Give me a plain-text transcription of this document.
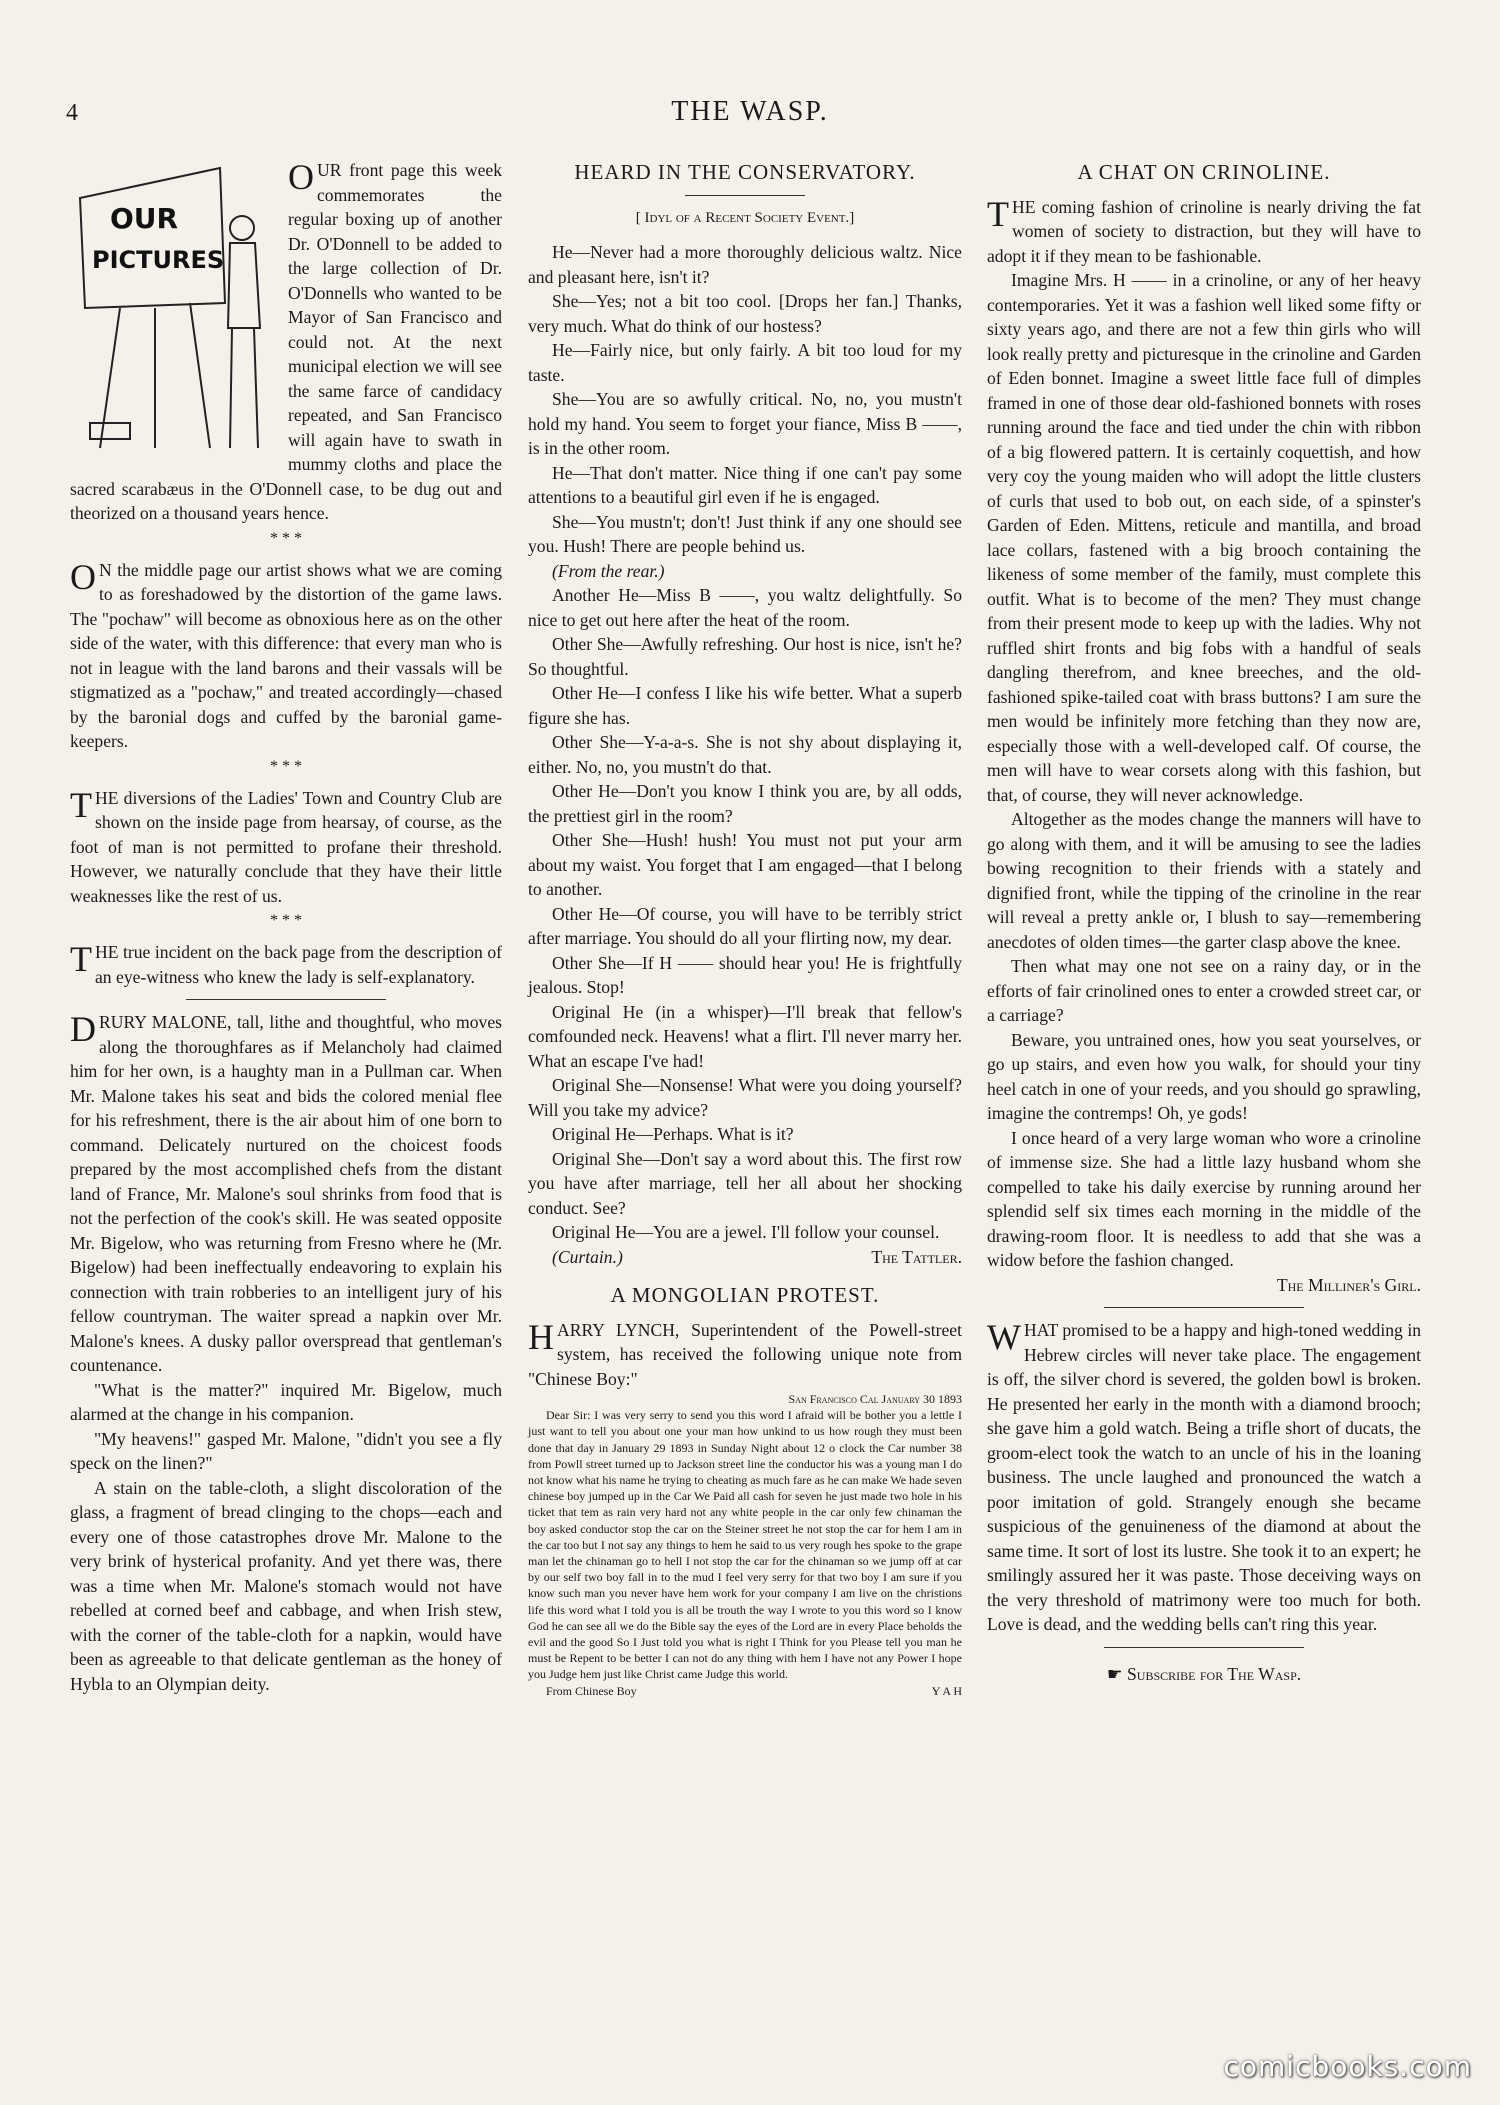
4	THE WASP.
OUR
PICTURES

OUR front page this week commemorates the regular boxing up of another Dr. O'Donnell to be added to the large collection of Dr. O'Donnells who wanted to be Mayor of San Francisco and could not. At the next municipal election we will see the same farce of candidacy repeated, and San Francisco will again have to swath in mummy cloths and place the sacred scarabæus in the O'Donnell case, to be dug out and theorized on a thousand years hence.

* * *

O N the middle page our artist shows what we are coming to as foreshadowed by the distortion of the game laws. The "pochaw" will become as obnoxious here as on the other side of the water, with this difference: that every man who is not in league with the land barons and their vassals will be stigmatized as a "pochaw," and treated accordingly—chased by the baronial dogs and cuffed by the baronial game-keepers.

* * *

THE diversions of the Ladies' Town and Country Club are shown on the inside page from hearsay, of course, as the foot of man is not permitted to profane their threshold. However, we naturally conclude that they have their little weaknesses like the rest of us.

* * *

THE true incident on the back page from the description of an eye-witness who knew the lady is self-explanatory.

DRURY MALONE, tall, lithe and thoughtful, who moves along the thoroughfares as if Melancholy had claimed him for her own, is a haughty man in a Pullman car. When Mr. Malone takes his seat and bids the colored menial flee for his refreshment, there is the air about him of one born to command. Delicately nurtured on the choicest foods prepared by the most accomplished chefs from the distant land of France, Mr. Malone's soul shrinks from food that is not the perfection of the cook's skill. He was seated opposite Mr. Bigelow, who was returning from Fresno where he (Mr. Bigelow) had been ineffectually endeavoring to explain his connection with train robberies to an intelligent jury of his fellow countryman. The waiter spread a napkin over Mr. Malone's knees. A dusky pallor overspread that gentleman's countenance.

"What is the matter?" inquired Mr. Bigelow, much alarmed at the change in his companion.

"My heavens!" gasped Mr. Malone, "didn't you see a fly speck on the linen?"

A stain on the table-cloth, a slight discoloration of the glass, a fragment of bread clinging to the chops—each and every one of those catastrophes drove Mr. Malone to the very brink of hysterical profanity. And yet there was, there was a time when Mr. Malone's stomach would not have rebelled at corned beef and cabbage, and when Irish stew, with the corner of the table-cloth for a napkin, would have been as agreeable to that delicate gentleman as the honey of Hybla to an Olympian deity.

HEARD IN THE CONSERVATORY.
[ Idyl of a Recent Society Event.]

He—Never had a more thoroughly delicious waltz. Nice and pleasant here, isn't it?

She—Yes; not a bit too cool. [Drops her fan.] Thanks, very much. What do think of our hostess?

He—Fairly nice, but only fairly. A bit too loud for my taste.

She—You are so awfully critical. No, no, you mustn't hold my hand. You seem to forget your fiance, Miss B ——, is in the other room.

He—That don't matter. Nice thing if one can't pay some attentions to a beautiful girl even if he is engaged.

She—You mustn't; don't! Just think if any one should see you. Hush! There are people behind us.

(From the rear.)

Another He—Miss B ——, you waltz delightfully. So nice to get out here after the heat of the room.

Other She—Awfully refreshing. Our host is nice, isn't he? So thoughtful.

Other He—I confess I like his wife better. What a superb figure she has.

Other She—Y-a-a-s. She is not shy about displaying it, either. No, no, you mustn't do that.

Other He—Don't you know I think you are, by all odds, the prettiest girl in the room?

Other She—Hush! hush! You must not put your arm about my waist. You forget that I am engaged—that I belong to another.

Other He—Of course, you will have to be terribly strict after marriage. You should do all your flirting now, my dear.

Other She—If H —— should hear you! He is frightfully jealous. Stop!

Original He (in a whisper)—I'll break that fellow's comfounded neck. Heavens! what a flirt. I'll never marry her. What an escape I've had!

Original She—Nonsense! What were you doing yourself? Will you take my advice?

Original He—Perhaps. What is it?

Original She—Don't say a word about this. The first row you have after marriage, tell her all about her shocking conduct. See?

Original He—You are a jewel. I'll follow your counsel.

(Curtain.)	The Tattler.

A MONGOLIAN PROTEST.

HARRY LYNCH, Superintendent of the Powell-street system, has received the following unique note from "Chinese Boy:"

San Francisco Cal January 30 1893

Dear Sir: I was very serry to send you this word I afraid will be bother you a lettle I just want to tell you about one your man how unkind to us how rough they must been done that day in January 29 1893 in Sunday Night about 12 o clock the Car number 38 from Powll street turned up to Jackson street line the conductor his was a young man I do not know what his name he trying to cheating as much fare as he can make We hade seven chinese boy jumped up in the Car We Paid all cash for seven he just made two hole in his ticket that tem as rain very hard not any white people in the car only few chinaman the boy asked conductor stop the car on the Steiner street he not stop the car for hem I am in the car too but I not say any things to hem he said to us very rough hes spoke to the grape man let the chinaman go to hell I not stop the car for the chinaman so we jump off at car by our self two boy fall in to the mud I feel very serry for that two boy I am sure if you know such man you never have hem work for your company I am live on the christions life this word what I told you is all be trouth the way I wrote to you this word so I know God he can see all we do the Bible say the eyes of the Lord are in every Place beholds the evil and the good So I Just told you what is right I Think for you Please tell you man he must be Repent to be better I can not do any thing with hem I have not any Power I hope you Judge hem just like Christ came Judge this world.

From Chinese Boy	Y A H

A CHAT ON CRINOLINE.

THE coming fashion of crinoline is nearly driving the fat women of society to distraction, but they will have to adopt it if they mean to be fashionable.

Imagine Mrs. H —— in a crinoline, or any of her heavy contemporaries. Yet it was a fashion well liked some fifty or sixty years ago, and there are not a few thin girls who will look really pretty and picturesque in the crinoline and Garden of Eden bonnet. Imagine a sweet little face full of dimples framed in one of those dear old-fashioned bonnets with roses running around the face and tied under the chin with ribbon of a big flowered pattern. It is certainly coquettish, and how very coy the young maiden who will adopt the little clusters of curls that used to bob out, on each side, of a spinster's Garden of Eden. Mittens, reticule and mantilla, and broad lace collars, fastened with a big brooch containing the likeness of some member of the family, must complete this outfit. What is to become of the men? They must change from their present mode to keep up with the ladies. Why not ruffled shirt fronts and big fobs with a handful of seals dangling therefrom, and knee breeches, and the old-fashioned spike-tailed coat with brass buttons? I am sure the men would be infinitely more fetching than they now are, especially those with a well-developed calf. Of course, the men will have to wear corsets along with this fashion, but that, of course, they will never acknowledge.

Altogether as the modes change the manners will have to go along with them, and it will be amusing to see the ladies bowing recognition to their friends with a stately and dignified front, while the tipping of the crinoline in the rear will reveal a pretty ankle or, I blush to say—remembering anecdotes of olden times—the garter clasp above the knee.

Then what may one not see on a rainy day, or in the efforts of fair crinolined ones to enter a crowded street car, or a carriage?

Beware, you untrained ones, how you seat yourselves, or go up stairs, and even how you walk, for should your tiny heel catch in one of your reeds, and you should go sprawling, imagine the contremps! Oh, ye gods!

I once heard of a very large woman who wore a crinoline of immense size. She had a little lazy husband whom she compelled to take his daily exercise by running around her splendid self six times each morning in the middle of the drawing-room floor. It is needless to add that she was a widow before the fashion changed.

The Milliner's Girl.

WHAT promised to be a happy and high-toned wedding in Hebrew circles will never take place. The engagement is off, the silver chord is severed, the golden bowl is broken. He presented her early in the month with a diamond brooch; she gave him a gold watch. Being a trifle short of ducats, the groom-elect took the watch to an uncle of his in the loaning business. The uncle laughed and pronounced the watch a poor imitation of gold. Strangely enough she became suspicious of the genuineness of the diamond at about the same time. It sort of lost its lustre. She took it to an expert; he smilingly assured her it was paste. Those deceiving ways on the very threshold of matrimony were too much for both. Love is dead, and the wedding bells can't ring this year.

☛ Subscribe for The Wasp.
comicbooks.com
